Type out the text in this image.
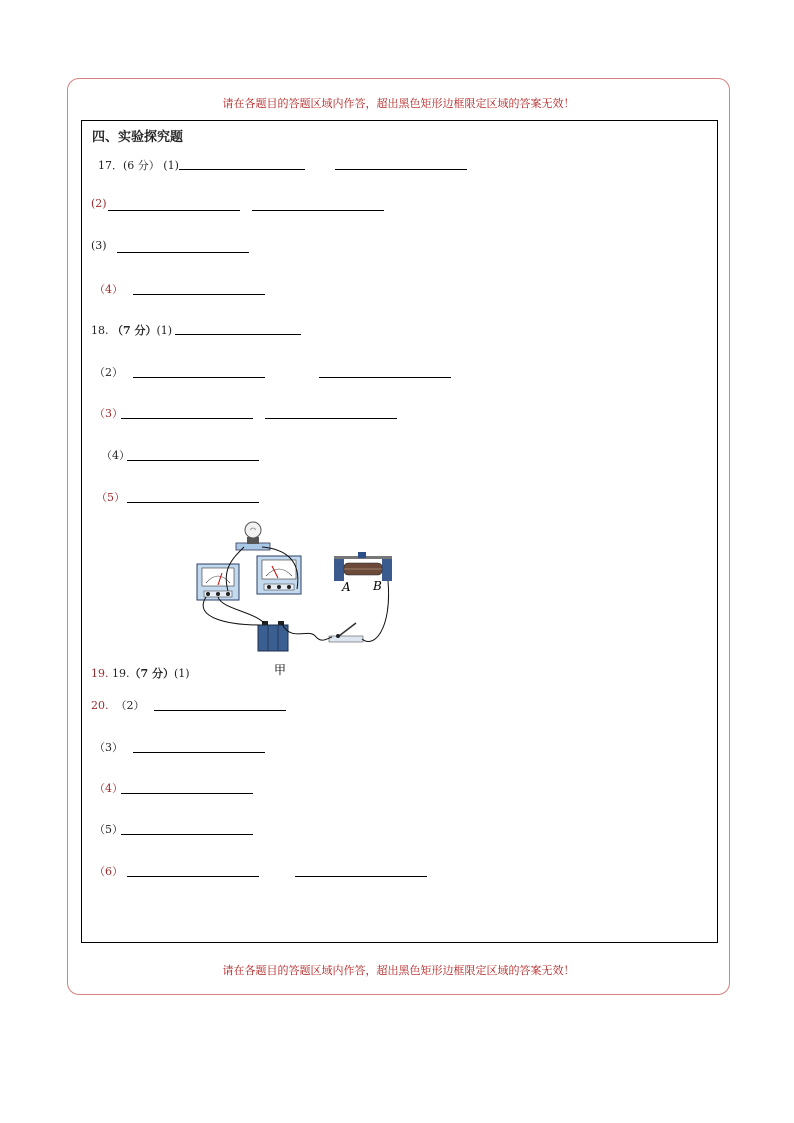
请在各题目的答题区域内作答，超出黑色矩形边框限定区域的答案无效！
请在各题目的答题区域内作答，超出黑色矩形边框限定区域的答案无效！
四、实验探究题
17．(6 分） (1)
(2)
(3)
（4）
18. （7 分）(1)
（2）
（3）
（4）
（5）
A B
甲
19. 19.（7 分）(1)
20. （2）
（3）
（4）
（5）
（6）
